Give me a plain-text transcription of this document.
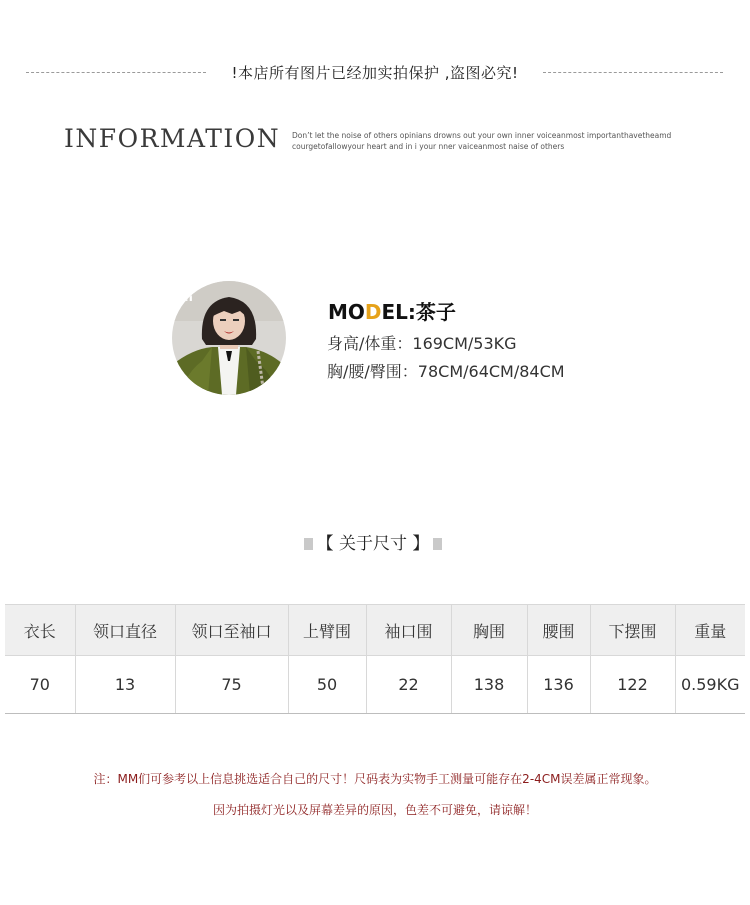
!本店所有图片已经加实拍保护 ,盗图必究!
INFORMATION Don’t let the noise of others opinians drowns out your own inner voiceanmost importanthavetheamd courgetofallowyour heart and in i your nner vaiceanmost naise of others
on
MODEL:茶子
身高/体重：169CM/53KG
胸/腰/臀围：78CM/64CM/84CM
【 关于尺寸 】
衣长	领口直径	领口至袖口	上臂围	袖口围	胸围	腰围	下摆围	重量
70	13	75	50	22	138	136	122	0.59KG
注：MM们可参考以上信息挑选适合自己的尺寸！尺码表为实物手工测量可能存在2-4CM误差属正常现象。
因为拍摄灯光以及屏幕差异的原因，色差不可避免，请谅解！
